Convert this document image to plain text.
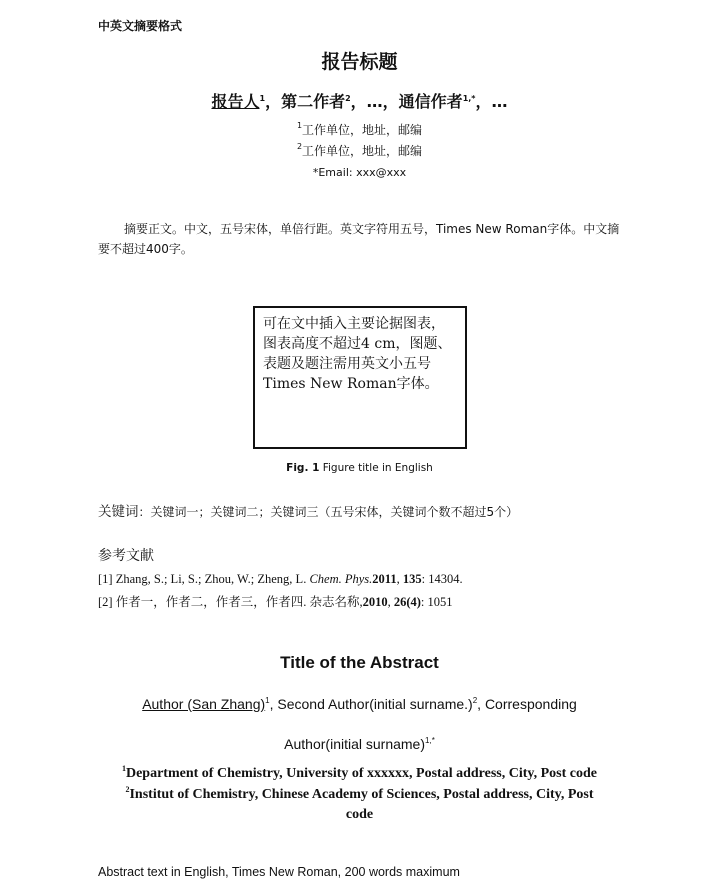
中英文摘要格式
报告标题
报告人$^1$，第二作者$^2$，…，通信作者$^{1,*}$，…
$^1$工作单位，地址，邮编
$^2$工作单位，地址，邮编
*Email: xxx@xxx
摘要正文。中文，五号宋体，单倍行距。英文字符用五号，Times New Roman字体。中文摘要不超过400字。
可在文中插入主要论据图表，图表高度不超过4 cm，图题、表题及题注需用英文小五号Times New Roman字体。
Fig. 1 Figure title in English
关键词：关键词一；关键词二；关键词三（五号宋体，关键词个数不超过5个）
参考文献
[1] Zhang, S.; Li, S.; Zhou, W.; Zheng, L. Chem. Phys.2011, 135: 14304.
[2] 作者一，作者二，作者三，作者四. 杂志名称,2010, 26(4): 1051
Title of the Abstract
Author (San Zhang)$^1$, Second Author(initial surname.)$^2$, Corresponding
Author(initial surname)$^{1,*}$
$^1$Department of Chemistry, University of xxxxxx, Postal address, City, Post code
$^2$Institut of Chemistry, Chinese Academy of Sciences, Postal address, City, Post
code
Abstract text in English, Times New Roman, 200 words maximum
